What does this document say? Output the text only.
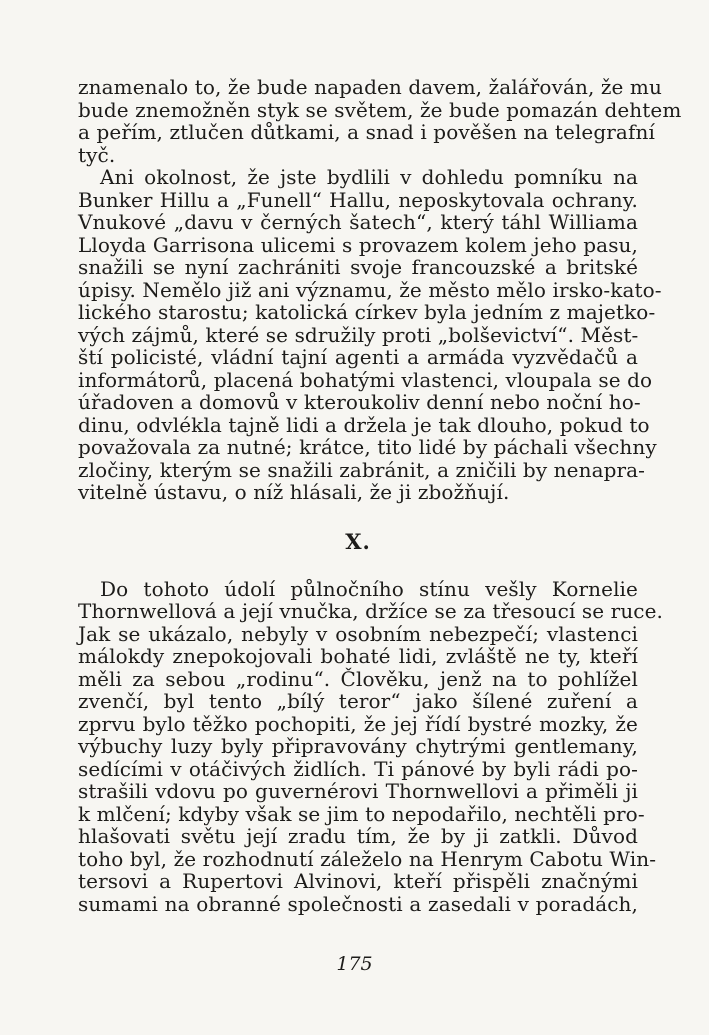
znamenalo to, že bude napaden davem, žalářován, že mu
bude znemožněn styk se světem, že bude pomazán dehtem
a peřím, ztlučen důtkami, a snad i pověšen na telegrafní
tyč.
Ani okolnost, že jste bydlili v dohledu pomníku na
Bunker Hillu a „Funell“ Hallu, neposkytovala ochrany.
Vnukové „davu v černých šatech“, který táhl Williama
Lloyda Garrisona ulicemi s provazem kolem jeho pasu,
snažili se nyní zachrániti svoje francouzské a britské
úpisy. Nemělo již ani významu, že město mělo irsko-kato-
lického starostu; katolická církev byla jedním z majetko-
vých zájmů, které se sdružily proti „bolševictví“. Měst-
ští policisté, vládní tajní agenti a armáda vyzvědačů a
informátorů, placená bohatými vlastenci, vloupala se do
úřadoven a domovů v kteroukoliv denní nebo noční ho-
dinu, odvlékla tajně lidi a držela je tak dlouho, pokud to
považovala za nutné; krátce, tito lidé by páchali všechny
zločiny, kterým se snažili zabránit, a zničili by nenapra-
vitelně ústavu, o níž hlásali, že ji zbožňují.
X.
Do tohoto údolí půlnočního stínu vešly Kornelie
Thornwellová a její vnučka, držíce se za třesoucí se ruce.
Jak se ukázalo, nebyly v osobním nebezpečí; vlastenci
málokdy znepokojovali bohaté lidi, zvláště ne ty, kteří
měli za sebou „rodinu“. Člověku, jenž na to pohlížel
zvenčí, byl tento „bílý teror“ jako šílené zuření a
zprvu bylo těžko pochopiti, že jej řídí bystré mozky, že
výbuchy luzy byly připravovány chytrými gentlemany,
sedícími v otáčivých židlích. Ti pánové by byli rádi po-
strašili vdovu po guvernérovi Thornwellovi a přiměli ji
k mlčení; kdyby však se jim to nepodařilo, nechtěli pro-
hlašovati světu její zradu tím, že by ji zatkli. Důvod
toho byl, že rozhodnutí záleželo na Henrym Cabotu Win-
tersovi a Rupertovi Alvinovi, kteří přispěli značnými
sumami na obranné společnosti a zasedali v poradách,
175
